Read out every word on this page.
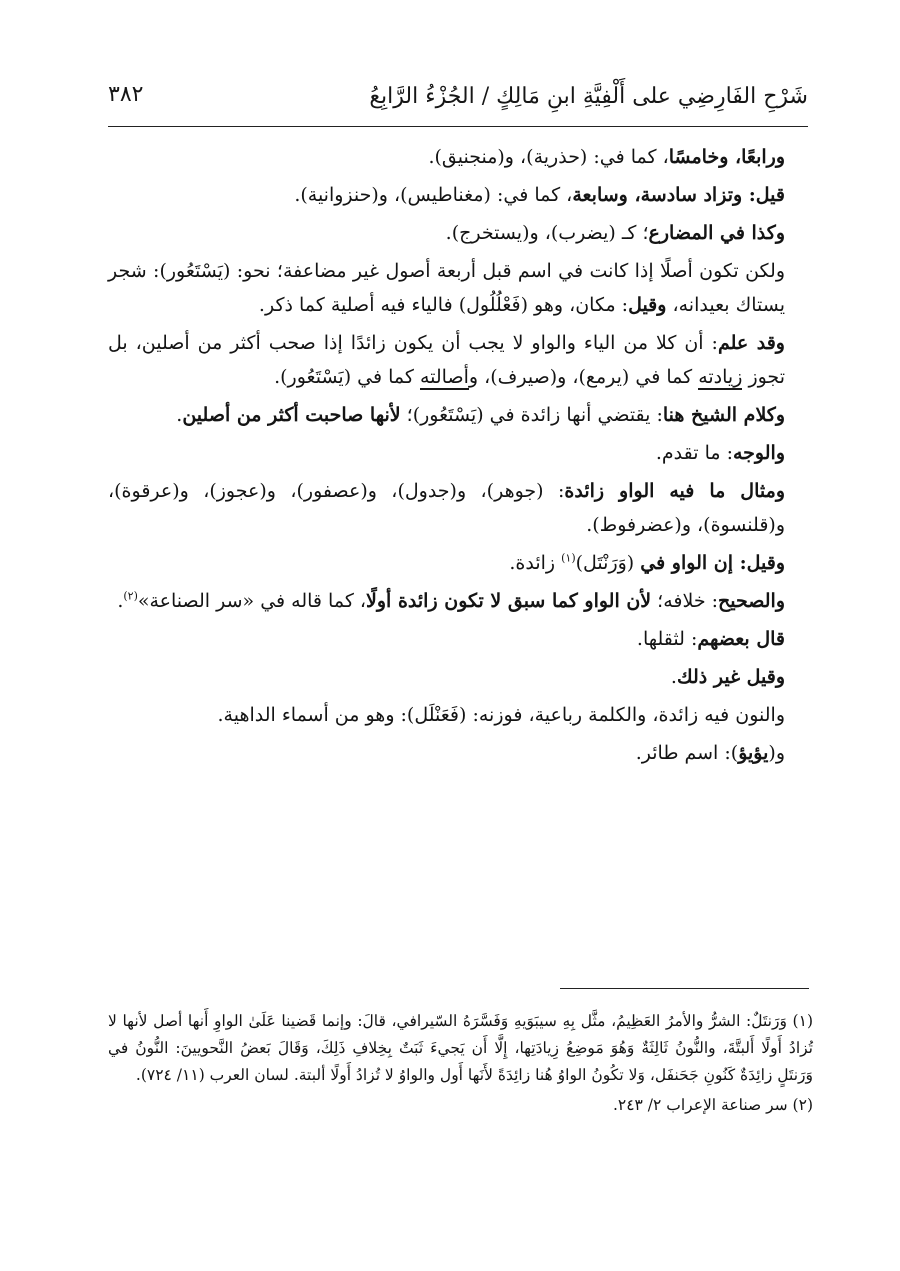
شَرْحِ الفَارِضِي على أَلْفِيَّةِ ابنِ مَالِكٍ / الجُزْءُ الرَّابِعُ
٣٨٢

ورابعًا، وخامسًا، كما في: (حذرية)، و(منجنيق).

قيل: وتزاد سادسة، وسابعة، كما في: (مغناطيس)، و(حنزوانية).

وكذا في المضارع؛ كـ (يضرب)، و(يستخرج).

ولكن تكون أصلًا إذا كانت في اسم قبل أربعة أصول غير مضاعفة؛ نحو: (يَسْتَعُور): شجر يستاك بعيدانه، وقيل: مكان، وهو (فَعْلُلُول) فالياء فيه أصلية كما ذكر.

وقد علم: أن كلا من الياء والواو لا يجب أن يكون زائدًا إذا صحب أكثر من أصلين، بل تجوز زيادته كما في (يرمع)، و(صيرف)، وأصالته كما في (يَسْتَعُور).

وكلام الشيخ هنا: يقتضي أنها زائدة في (يَسْتَعُور)؛ لأنها صاحبت أكثر من أصلين.

والوجه: ما تقدم.

ومثال ما فيه الواو زائدة: (جوهر)، و(جدول)، و(عصفور)، و(عجوز)، و(عرقوة)، و(قلنسوة)، و(عضرفوط).

وقيل: إن الواو في (وَرَنْتَل)$^{(١)}$ زائدة.

والصحيح: خلافه؛ لأن الواو كما سبق لا تكون زائدة أولًا، كما قاله في «سر الصناعة»$^{(٢)}$.

قال بعضهم: لثقلها.

وقيل غير ذلك.

والنون فيه زائدة، والكلمة رباعية، فوزنه: (فَعَنْلَل): وهو من أسماء الداهية.

و(يؤيؤ): اسم طائر.

(١) وَرَنتَلٌ: الشرُّ والأمرُ العَظِيمُ، مثَّل بِهِ سيبَوَيهِ وَفَسَّرَهُ السّيرافي، قالَ: وإنما قَضينا عَلَىٰ الواوِ أَنها أصل لأنها لا تُزادُ أَولًا أَلبتَّةَ، والنُّونُ ثَالِثَةٌ وَهُوَ مَوضِعُ زِيادَتِها، إِلَّا أَن يَجيءَ ثَبَتٌ بِخِلافِ ذَلِكَ، وَقَالَ بَعضُ النَّحويينَ: النُّونُ في وَرَنتَلٍ زائِدَةٌ كَنُونِ جَحَنفَل، وَلا تكُونُ الواوُ هُنا زائِدَةً لأَنَها أَول والواوُ لا تُزادُ أَولًا ألبتة. لسان العرب (١١/ ٧٢٤).

(٢) سر صناعة الإعراب ٢/ ٢٤٣.
